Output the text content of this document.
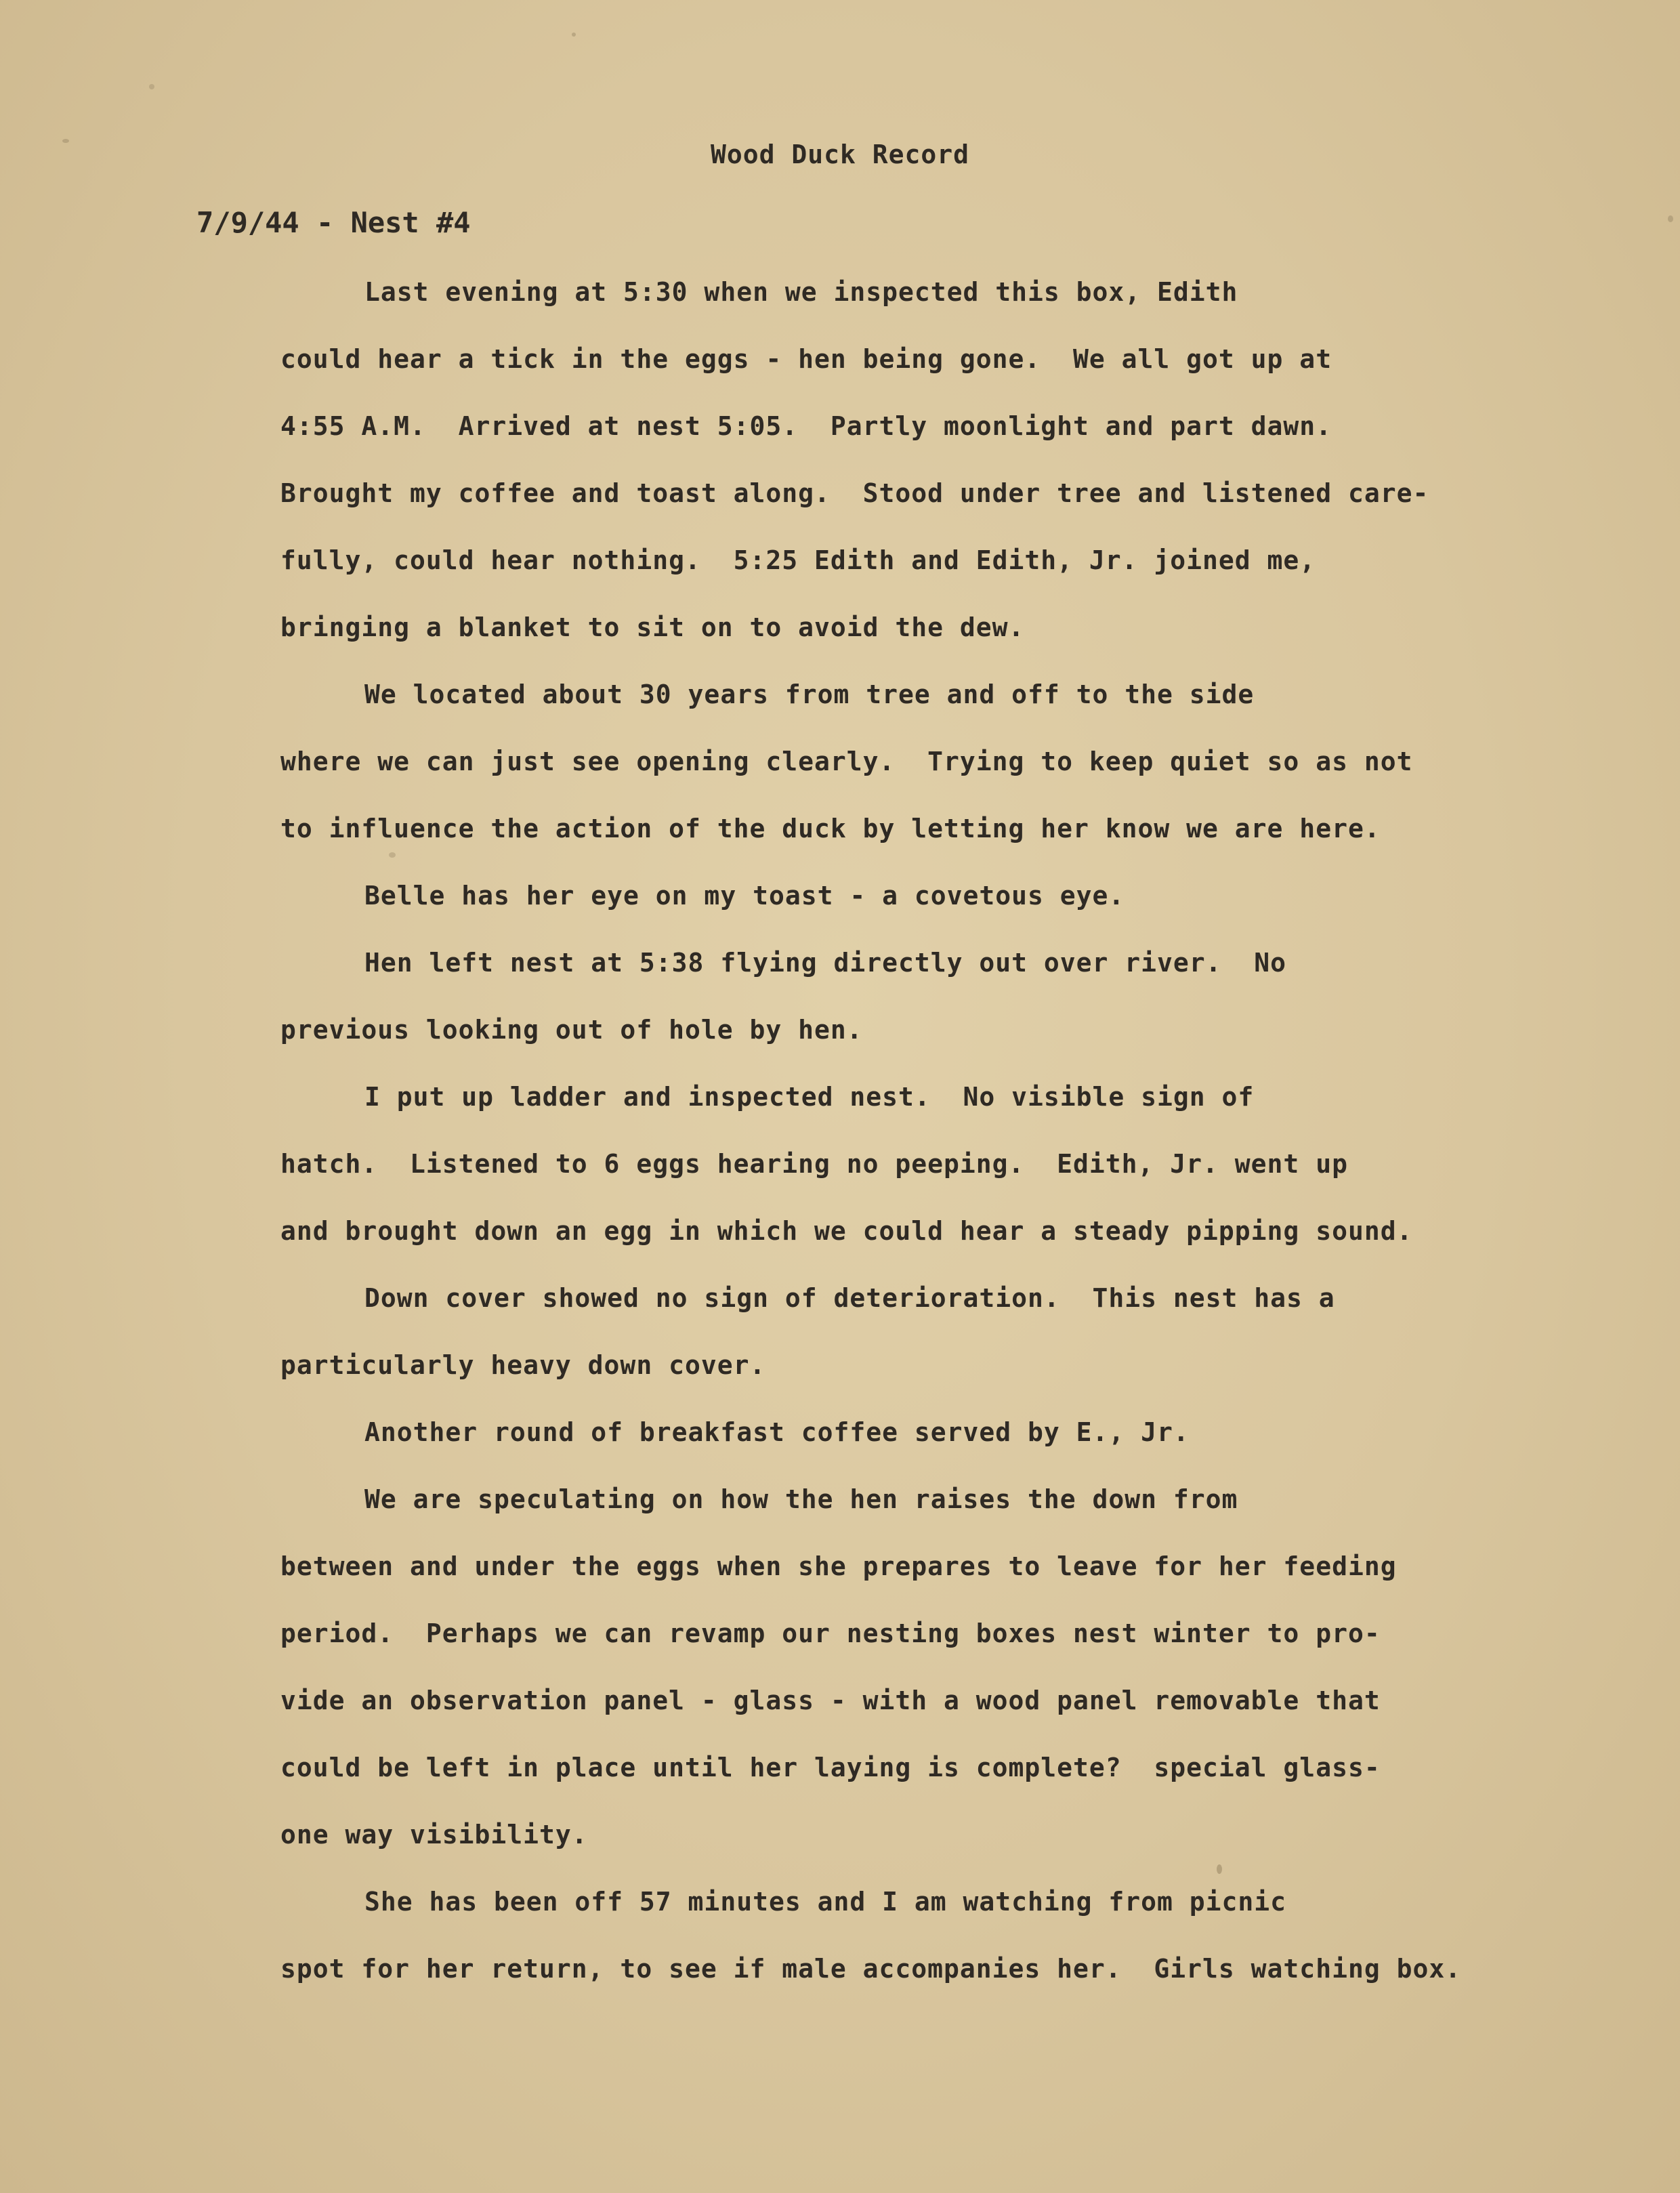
Wood Duck Record
7/9/44 - Nest #4
Last evening at 5:30 when we inspected this box, Edith
could hear a tick in the eggs - hen being gone.  We all got up at
4:55 A.M.  Arrived at nest 5:05.  Partly moonlight and part dawn.
Brought my coffee and toast along.  Stood under tree and listened care-
fully, could hear nothing.  5:25 Edith and Edith, Jr. joined me,
bringing a blanket to sit on to avoid the dew.
We located about 30 years from tree and off to the side
where we can just see opening clearly.  Trying to keep quiet so as not
to influence the action of the duck by letting her know we are here.
Belle has her eye on my toast - a covetous eye.
Hen left nest at 5:38 flying directly out over river.  No
previous looking out of hole by hen.
I put up ladder and inspected nest.  No visible sign of
hatch.  Listened to 6 eggs hearing no peeping.  Edith, Jr. went up
and brought down an egg in which we could hear a steady pipping sound.
Down cover showed no sign of deterioration.  This nest has a
particularly heavy down cover.
Another round of breakfast coffee served by E., Jr.
We are speculating on how the hen raises the down from
between and under the eggs when she prepares to leave for her feeding
period.  Perhaps we can revamp our nesting boxes nest winter to pro-
vide an observation panel - glass - with a wood panel removable that
could be left in place until her laying is complete?  special glass-
one way visibility.
She has been off 57 minutes and I am watching from picnic
spot for her return, to see if male accompanies her.  Girls watching box.
